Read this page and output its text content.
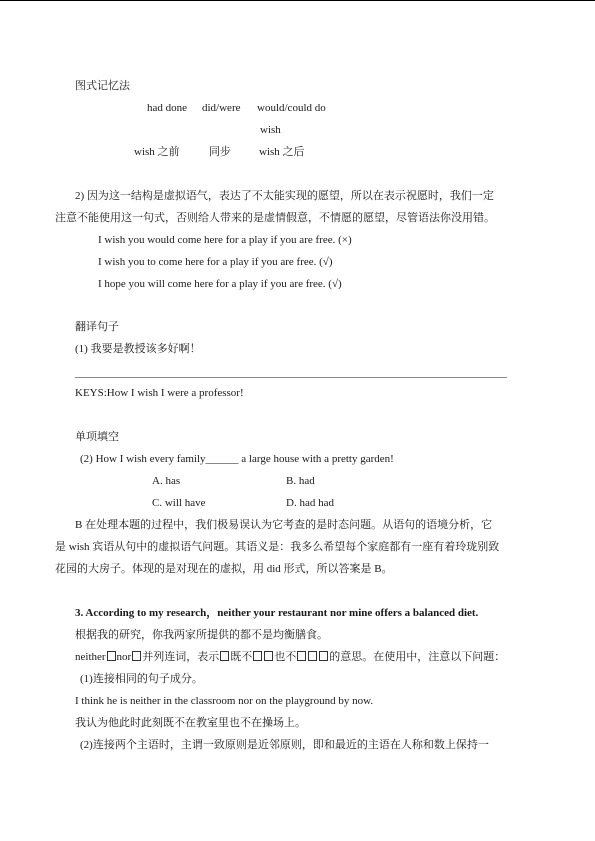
图式记忆法
had done did/were would/could do
wish
wish 之前	同步	wish 之后
2) 因为这一结构是虚拟语气，表达了不太能实现的愿望，所以在表示祝愿时，我们一定
注意不能使用这一句式，否则给人带来的是虚情假意，不情愿的愿望，尽管语法你没用错。
I wish you would come here for a play if you are free. (×)
I wish you to come here for a play if you are free. (√)
I hope you will come here for a play if you are free. (√)
翻译句子
(1) 我要是教授该多好啊！
KEYS:How I wish I were a professor!
单项填空
(2) How I wish every family______ a large house with a pretty garden!
A. has	B. had
C. will have	D. had had
B 在处理本题的过程中，我们极易误认为它考查的是时态问题。从语句的语境分析，它
是 wish 宾语从句中的虚拟语气问题。其语义是：我多么希望每个家庭都有一座有着玲珑别致
花园的大房子。体现的是对现在的虚拟，用 did 形式，所以答案是 B。
3. According to my research，neither your restaurant nor mine offers a balanced diet.
根据我的研究，你我两家所提供的都不是均衡膳食。
neither nor 并列连词，表示 既不 也不	的意思。在使用中，注意以下问题：
(1)连接相同的句子成分。
I think he is neither in the classroom nor on the playground by now.
我认为他此时此刻既不在教室里也不在操场上。
(2)连接两个主语时，主谓一致原则是近邻原则，即和最近的主语在人称和数上保持一
